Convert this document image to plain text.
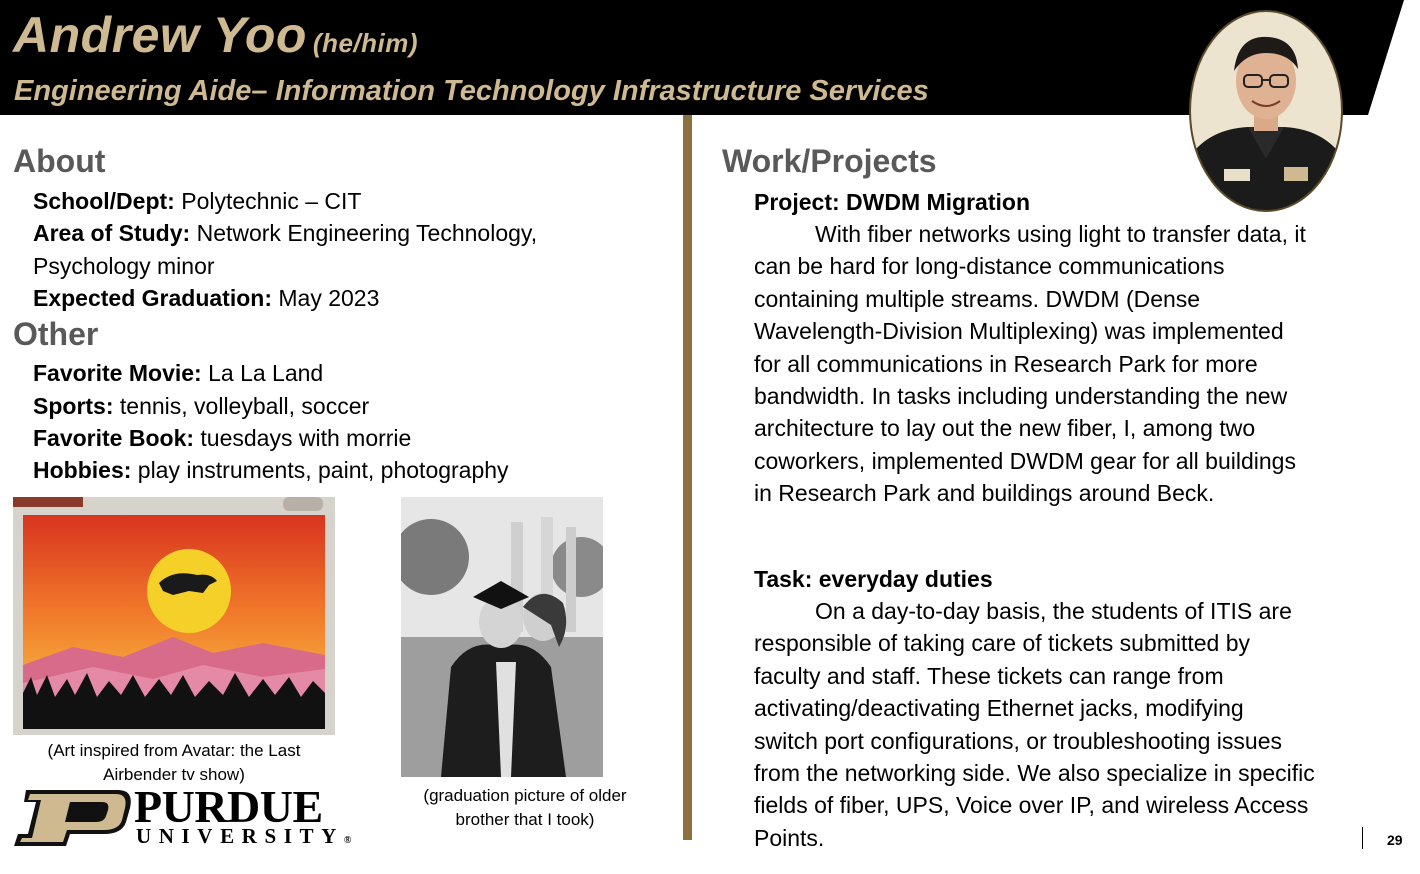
Andrew Yoo (he/him)
Engineering Aide– Information Technology Infrastructure Services
About
School/Dept: Polytechnic – CIT
Area of Study: Network Engineering Technology,
Psychology minor
Expected Graduation: May 2023
Other
Favorite Movie: La La Land
Sports: tennis, volleyball, soccer
Favorite Book: tuesdays with morrie
Hobbies: play instruments, paint, photography
(Art inspired from Avatar: the Last
Airbender tv show)
(graduation picture of older
brother that I took)
PURDUE
UNIVERSITY®
Work/Projects
Project: DWDM Migration
With fiber networks using light to transfer data, it
can be hard for long-distance communications
containing multiple streams. DWDM (Dense
Wavelength-Division Multiplexing) was implemented
for all communications in Research Park for more
bandwidth. In tasks including understanding the new
architecture to lay out the new fiber, I, among two
coworkers, implemented DWDM gear for all buildings
in Research Park and buildings around Beck.
Task: everyday duties
On a day-to-day basis, the students of ITIS are
responsible of taking care of tickets submitted by
faculty and staff. These tickets can range from
activating/deactivating Ethernet jacks, modifying
switch port configurations, or troubleshooting issues
from the networking side. We also specialize in specific
fields of fiber, UPS, Voice over IP, and wireless Access
Points.	29
